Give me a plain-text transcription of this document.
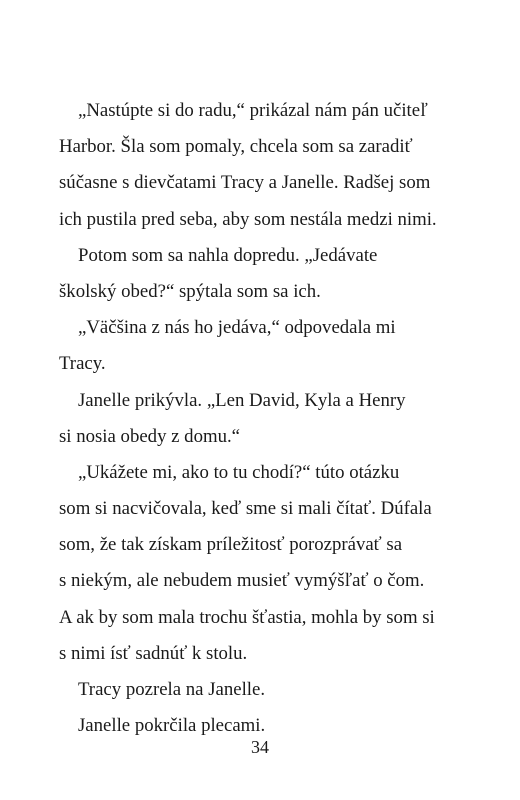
„Nastúpte si do radu,“ prikázal nám pán učiteľ
Harbor. Šla som pomaly, chcela som sa zaradiť
súčasne s dievčatami Tracy a Janelle. Radšej som
ich pustila pred seba, aby som nestála medzi nimi.
Potom som sa nahla dopredu. „Jedávate
školský obed?“ spýtala som sa ich.
„Väčšina z nás ho jedáva,“ odpovedala mi
Tracy.
Janelle prikývla. „Len David, Kyla a Henry
si nosia obedy z domu.“
„Ukážete mi, ako to tu chodí?“ túto otázku
som si nacvičovala, keď sme si mali čítať. Dúfala
som, že tak získam príležitosť porozprávať sa
s niekým, ale nebudem musieť vymýšľať o čom.
A ak by som mala trochu šťastia, mohla by som si
s nimi ísť sadnúť k stolu.
Tracy pozrela na Janelle.
Janelle pokrčila plecami.
34
